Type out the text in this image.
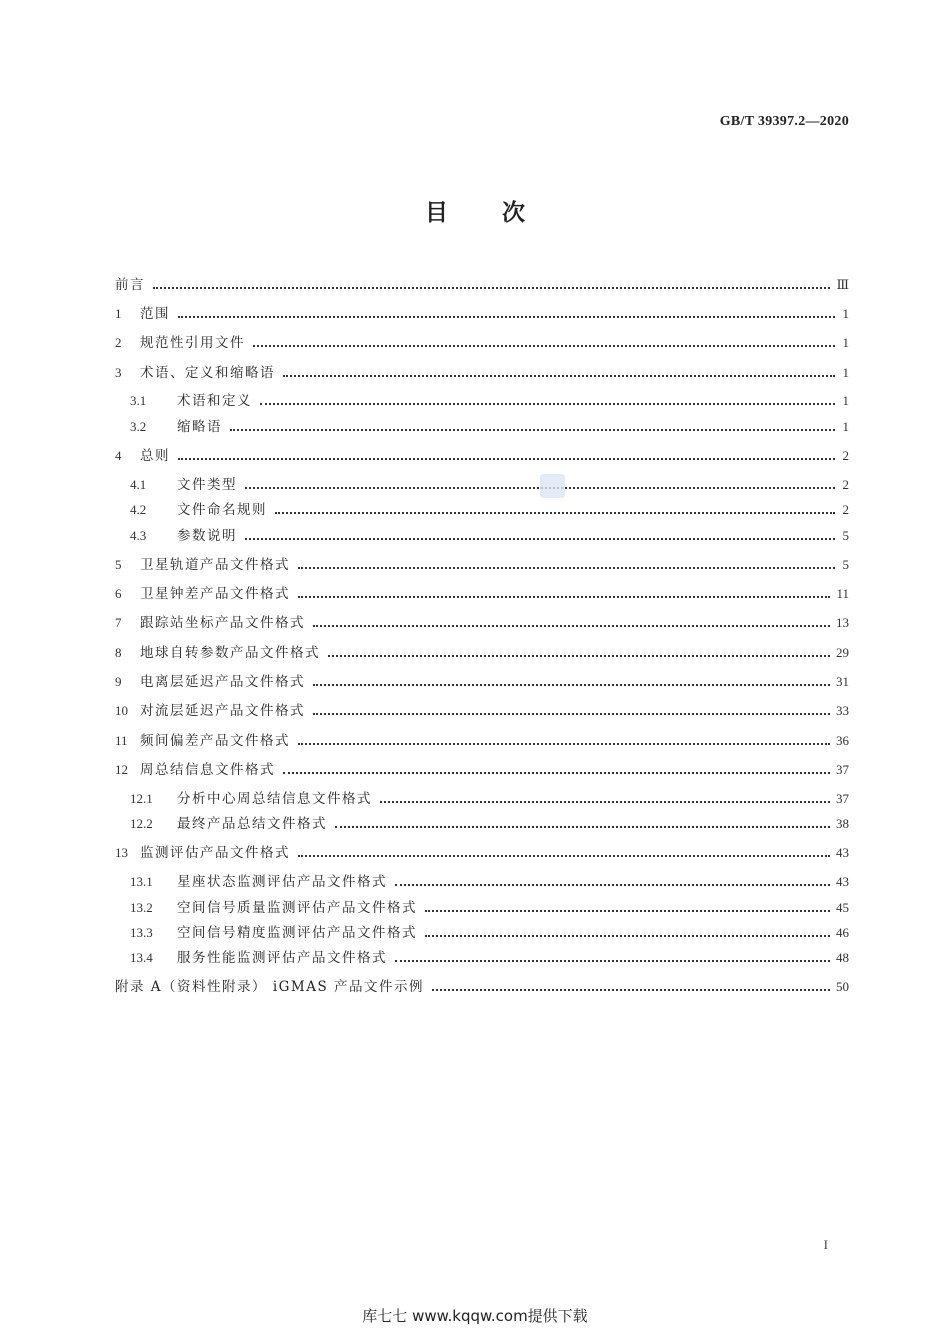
GB/T 39397.2—2020
目次
前言	Ⅲ
1	范围	1
2	规范性引用文件	1
3	术语、定义和缩略语	1
3.1	术语和定义	1
3.2	缩略语	1
4	总则	2
4.1	文件类型	2
4.2	文件命名规则	2
4.3	参数说明	5
5	卫星轨道产品文件格式	5
6	卫星钟差产品文件格式	11
7	跟踪站坐标产品文件格式	13
8	地球自转参数产品文件格式	29
9	电离层延迟产品文件格式	31
10 对流层延迟产品文件格式	33
11 频间偏差产品文件格式	36
12 周总结信息文件格式	37
12.1	分析中心周总结信息文件格式	37
12.2	最终产品总结文件格式	38
13 监测评估产品文件格式	43
13.1	星座状态监测评估产品文件格式	43
13.2	空间信号质量监测评估产品文件格式	45
13.3	空间信号精度监测评估产品文件格式	46
13.4	服务性能监测评估产品文件格式	48
附录 A（资料性附录） iGMAS 产品文件示例	50
I
库七七 www.kqqw.com提供下载
